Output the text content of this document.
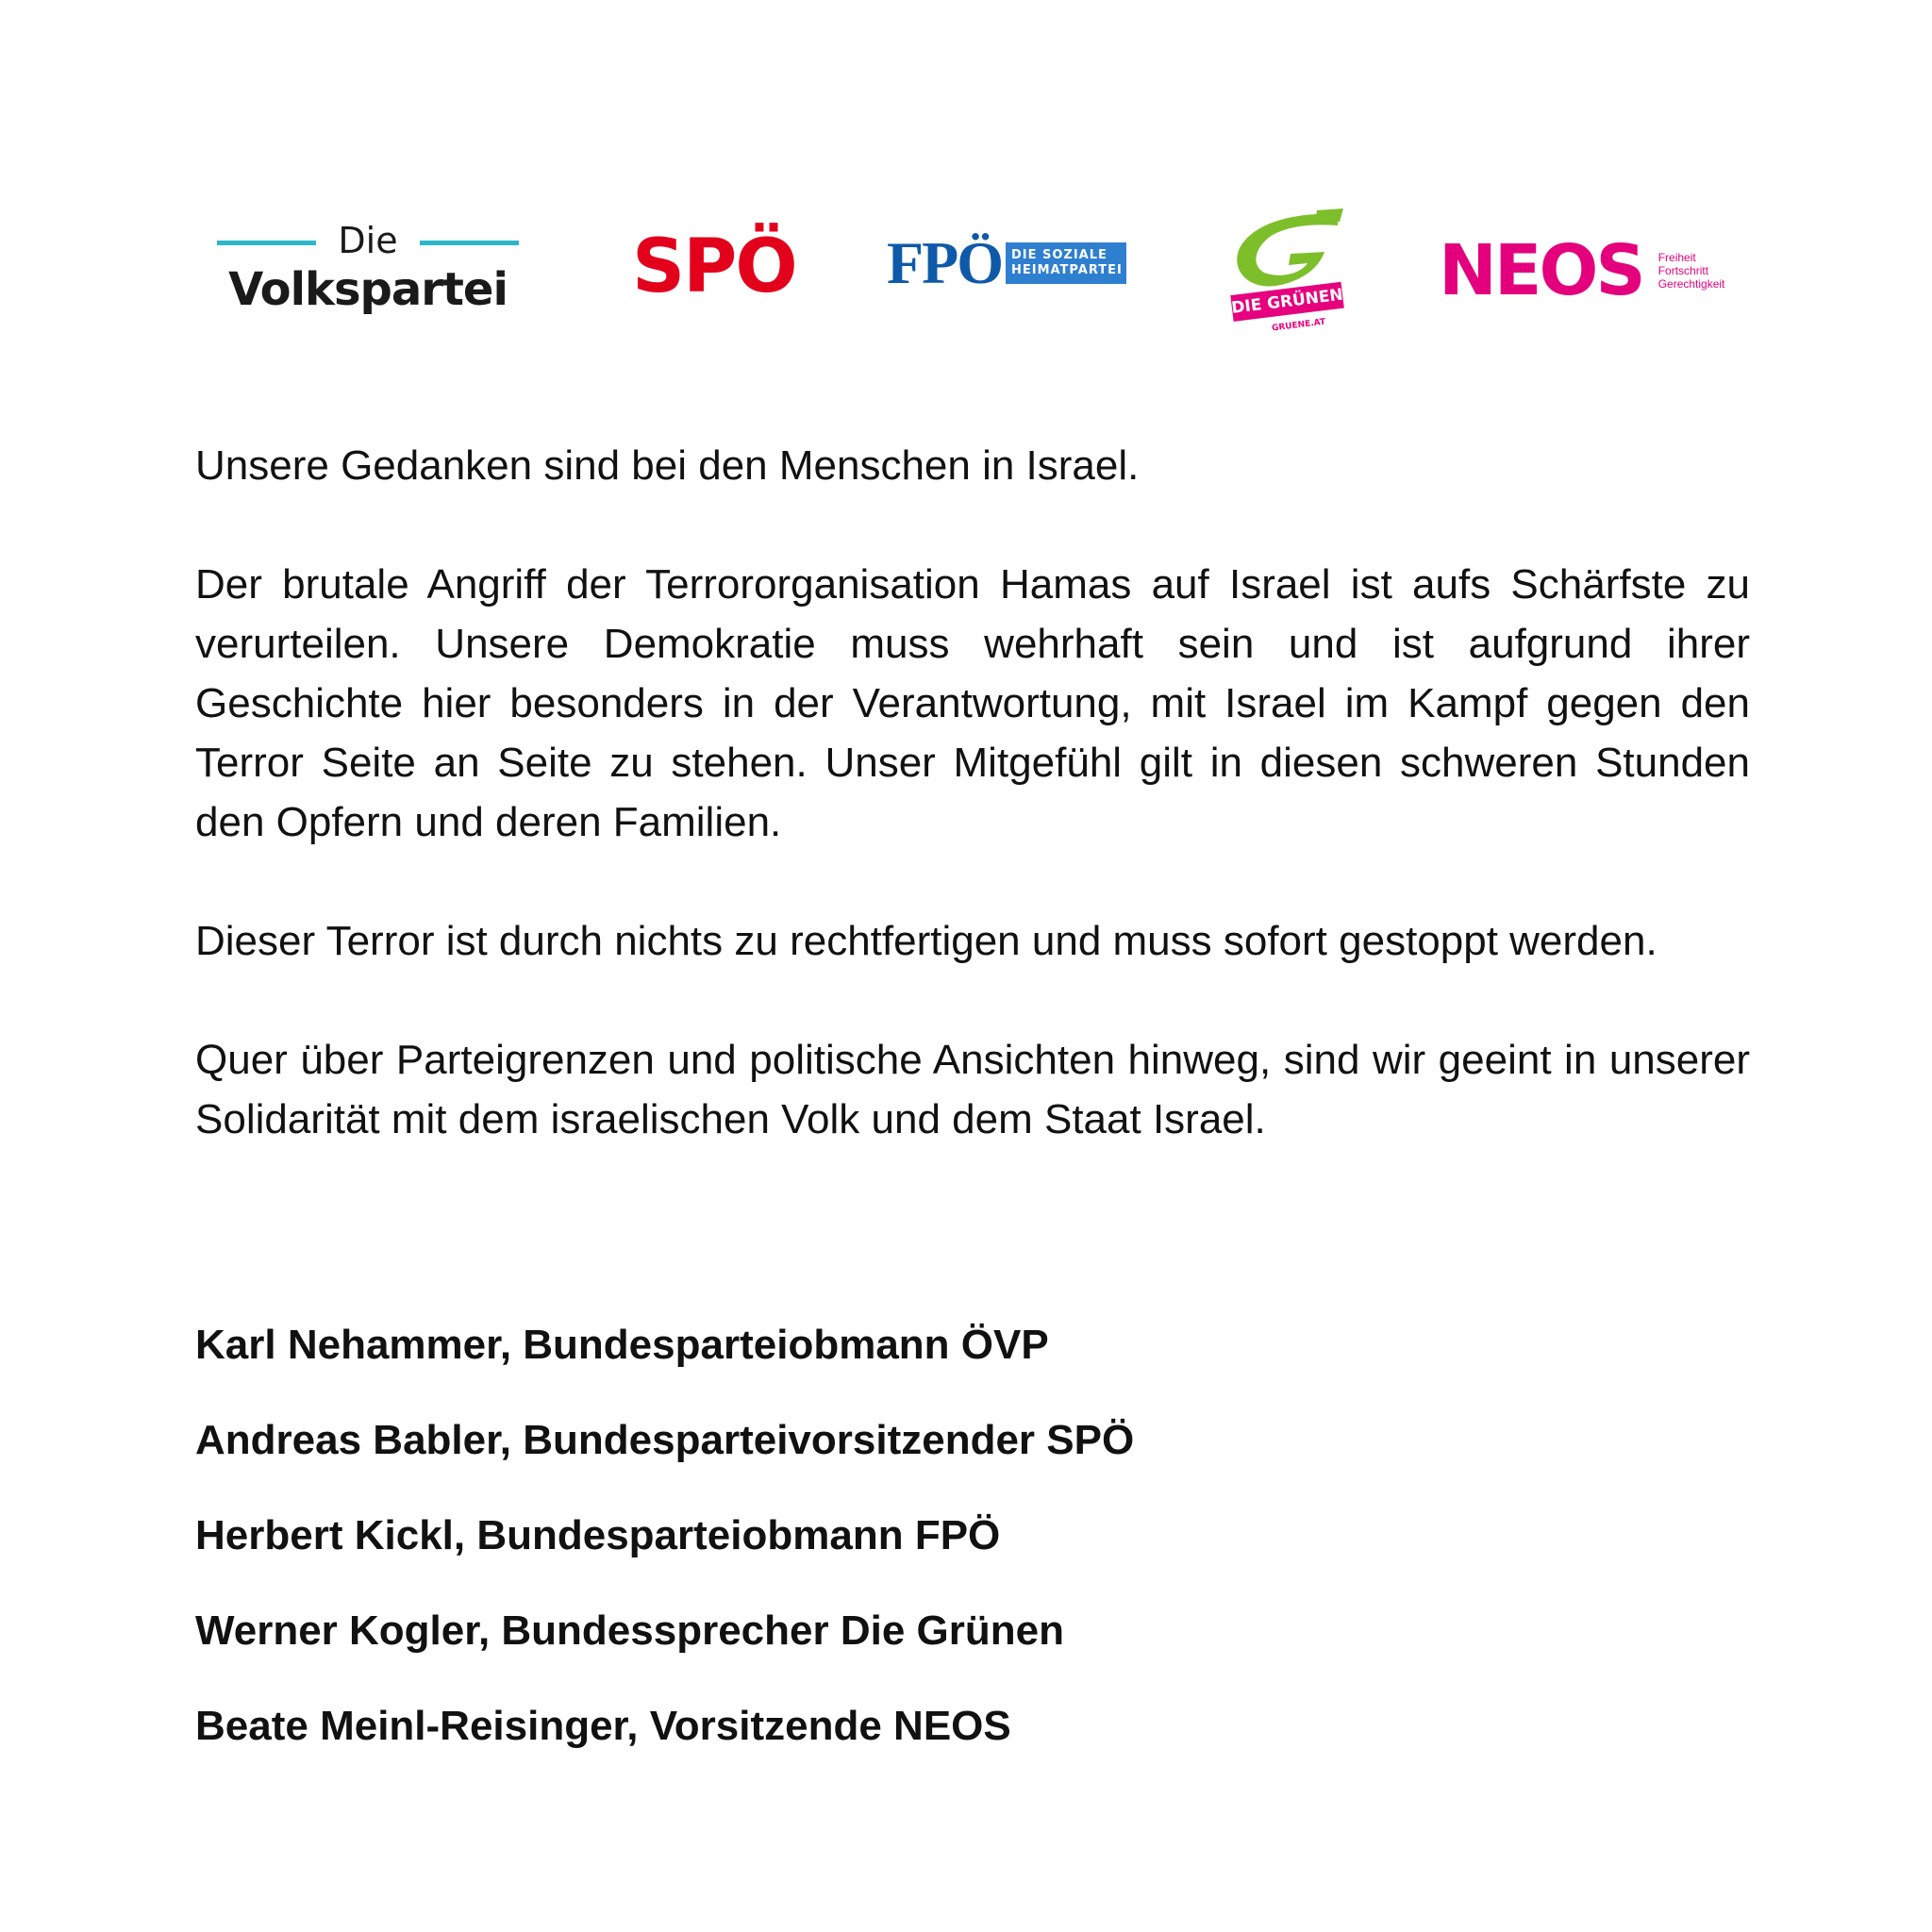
Die
Volkspartei SPÖ FPÖ DIE SOZIALE
HEIMATPARTEI
DIE GRÜNEN
GRUENE.AT
NEOS Freiheit
Fortschritt
Gerechtigkeit

Unsere Gedanken sind bei den Menschen in Israel.

Der brutale Angriff der Terrororganisation Hamas auf Israel ist aufs Schärfste zu verurteilen. Unsere Demokratie muss wehrhaft sein und ist aufgrund ihrer Geschichte hier besonders in der Verantwortung, mit Israel im Kampf gegen den Terror Seite an Seite zu stehen. Unser Mitgefühl gilt in diesen schweren Stunden den Opfern und deren Familien.

Dieser Terror ist durch nichts zu rechtfertigen und muss sofort gestoppt werden.

Quer über Parteigrenzen und politische Ansichten hinweg, sind wir geeint in unserer Solidarität mit dem israelischen Volk und dem Staat Israel.

Karl Nehammer, Bundesparteiobmann ÖVP
Andreas Babler, Bundesparteivorsitzender SPÖ
Herbert Kickl, Bundesparteiobmann FPÖ
Werner Kogler, Bundessprecher Die Grünen
Beate Meinl-Reisinger, Vorsitzende NEOS
